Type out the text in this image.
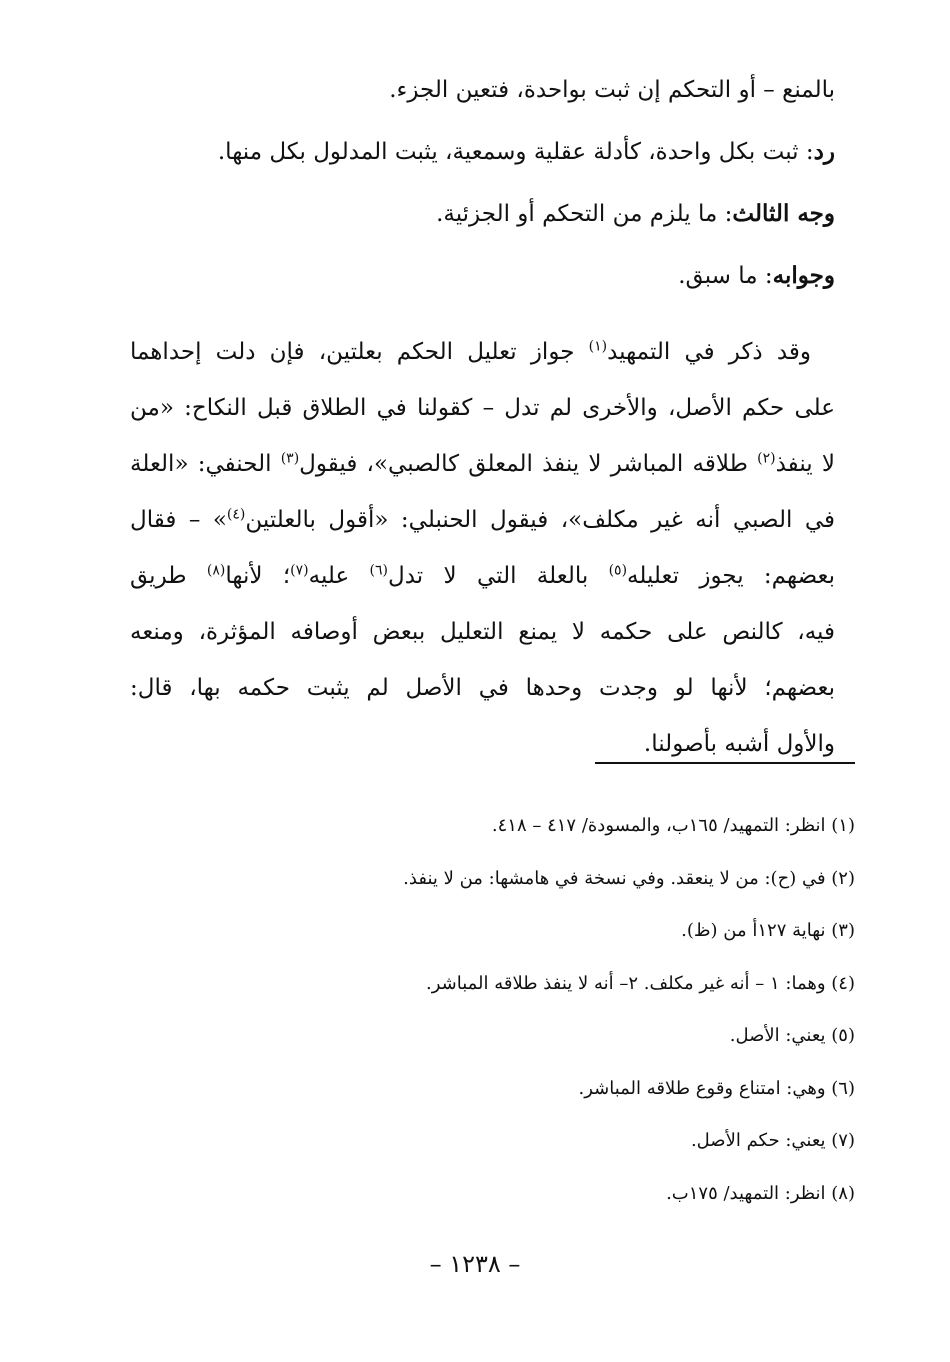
بالمنع – أو التحكم إن ثبت بواحدة، فتعين الجزء.
رد: ثبت بكل واحدة، كأدلة عقلية وسمعية، يثبت المدلول بكل منها.
وجه الثالث: ما يلزم من التحكم أو الجزئية.
وجوابه: ما سبق.
وقد ذكر في التمهيد$^{(١)}$ جواز تعليل الحكم بعلتين، فإن دلت إحداهما
على حكم الأصل، والأخرى لم تدل – كقولنا في الطلاق قبل النكاح: «من
لا ينفذ$^{(٢)}$ طلاقه المباشر لا ينفذ المعلق كالصبي»، فيقول$^{(٣)}$ الحنفي: «العلة
في الصبي أنه غير مكلف»، فيقول الحنبلي: «أقول بالعلتين$^{(٤)}$» – فقال
بعضهم: يجوز تعليله$^{(٥)}$ بالعلة التي لا تدل$^{(٦)}$ عليه$^{(٧)}$؛ لأنها$^{(٨)}$ طريق
فيه، كالنص على حكمه لا يمنع التعليل ببعض أوصافه المؤثرة، ومنعه
بعضهم؛ لأنها لو وجدت وحدها في الأصل لم يثبت حكمه بها، قال:
والأول أشبه بأصولنا.
(١) انظر: التمهيد/ ١٦٥ب، والمسودة/ ٤١٧ – ٤١٨.
(٢) في (ح): من لا ينعقد. وفي نسخة في هامشها: من لا ينفذ.
(٣) نهاية ١٢٧أ من (ظ).
(٤) وهما: ١ – أنه غير مكلف. ٢– أنه لا ينفذ طلاقه المباشر.
(٥) يعني: الأصل.
(٦) وهي: امتناع وقوع طلاقه المباشر.
(٧) يعني: حكم الأصل.
(٨) انظر: التمهيد/ ١٧٥ب.
– ١٢٣٨ –
